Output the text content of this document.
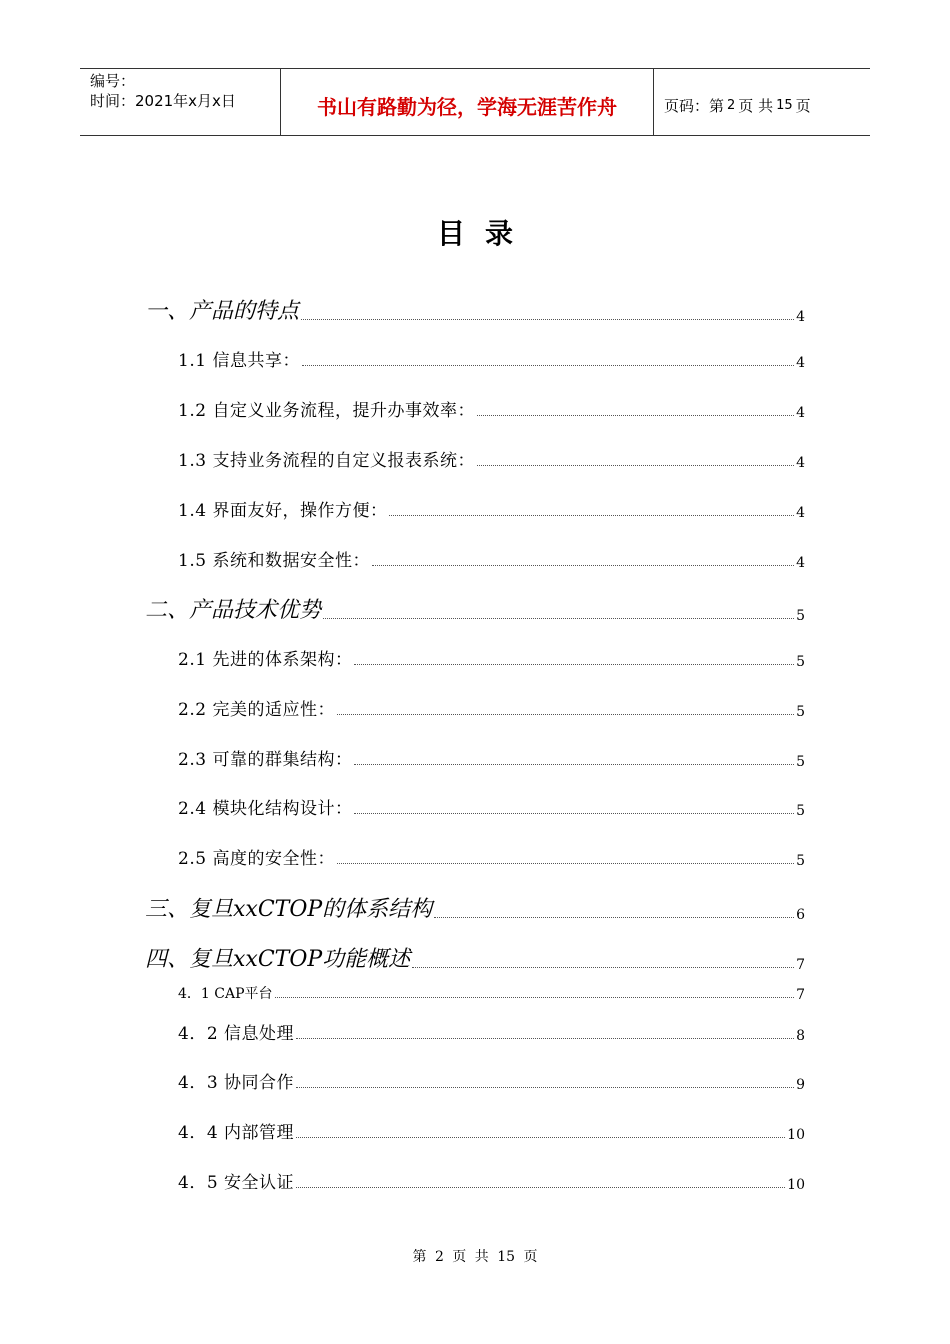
编号：
时间：2021年x月x日	书山有路勤为径，学海无涯苦作舟	页码：第 2 页 共 15 页
目录
一、产品的特点	4
1.1 信息共享：	4
1.2 自定义业务流程，提升办事效率：	4
1.3 支持业务流程的自定义报表系统：	4
1.4 界面友好，操作方便：	4
1.5 系统和数据安全性：	4
二、产品技术优势	5
2.1 先进的体系架构：	5
2.2 完美的适应性：	5
2.3 可靠的群集结构：	5
2.4 模块化结构设计：	5
2.5 高度的安全性：	5
三、复旦xxCTOP的体系结构	6
四、复旦xxCTOP功能概述	7
4．1 CAP平台	7
4．2 信息处理	8
4．3 协同合作	9
4．4 内部管理	10
4．5 安全认证	10
第 2 页 共 15 页
